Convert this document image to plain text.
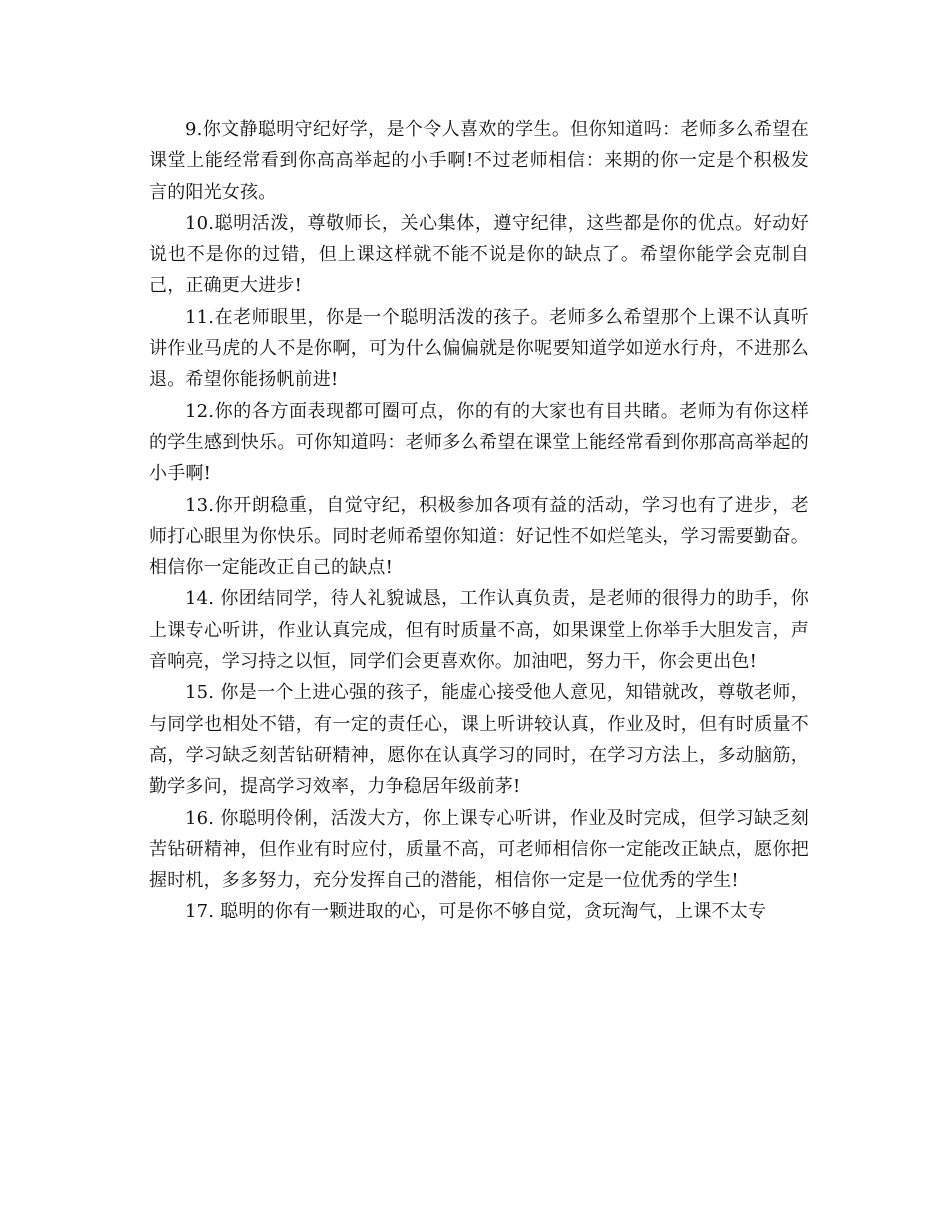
9.你文静聪明守纪好学，是个令人喜欢的学生。但你知道吗：老师多么希望在课堂上能经常看到你高高举起的小手啊!不过老师相信：来期的你一定是个积极发言的阳光女孩。

10.聪明活泼，尊敬师长，关心集体，遵守纪律，这些都是你的优点。好动好说也不是你的过错，但上课这样就不能不说是你的缺点了。希望你能学会克制自己，正确更大进步!

11.在老师眼里，你是一个聪明活泼的孩子。老师多么希望那个上课不认真听讲作业马虎的人不是你啊，可为什么偏偏就是你呢要知道学如逆水行舟，不进那么退。希望你能扬帆前进!

12.你的各方面表现都可圈可点，你的有的大家也有目共睹。老师为有你这样的学生感到快乐。可你知道吗：老师多么希望在课堂上能经常看到你那高高举起的小手啊!

13.你开朗稳重，自觉守纪，积极参加各项有益的活动，学习也有了进步，老师打心眼里为你快乐。同时老师希望你知道：好记性不如烂笔头，学习需要勤奋。相信你一定能改正自己的缺点!

14. 你团结同学，待人礼貌诚恳，工作认真负责，是老师的很得力的助手，你上课专心听讲，作业认真完成，但有时质量不高，如果课堂上你举手大胆发言，声音响亮，学习持之以恒，同学们会更喜欢你。加油吧，努力干，你会更出色!

15. 你是一个上进心强的孩子，能虚心接受他人意见，知错就改，尊敬老师，与同学也相处不错，有一定的责任心，课上听讲较认真，作业及时，但有时质量不高，学习缺乏刻苦钻研精神，愿你在认真学习的同时，在学习方法上，多动脑筋，勤学多问，提高学习效率，力争稳居年级前茅!

16. 你聪明伶俐，活泼大方，你上课专心听讲，作业及时完成，但学习缺乏刻苦钻研精神，但作业有时应付，质量不高，可老师相信你一定能改正缺点，愿你把握时机，多多努力，充分发挥自己的潜能，相信你一定是一位优秀的学生!

17. 聪明的你有一颗进取的心，可是你不够自觉，贪玩淘气，上课不太专
